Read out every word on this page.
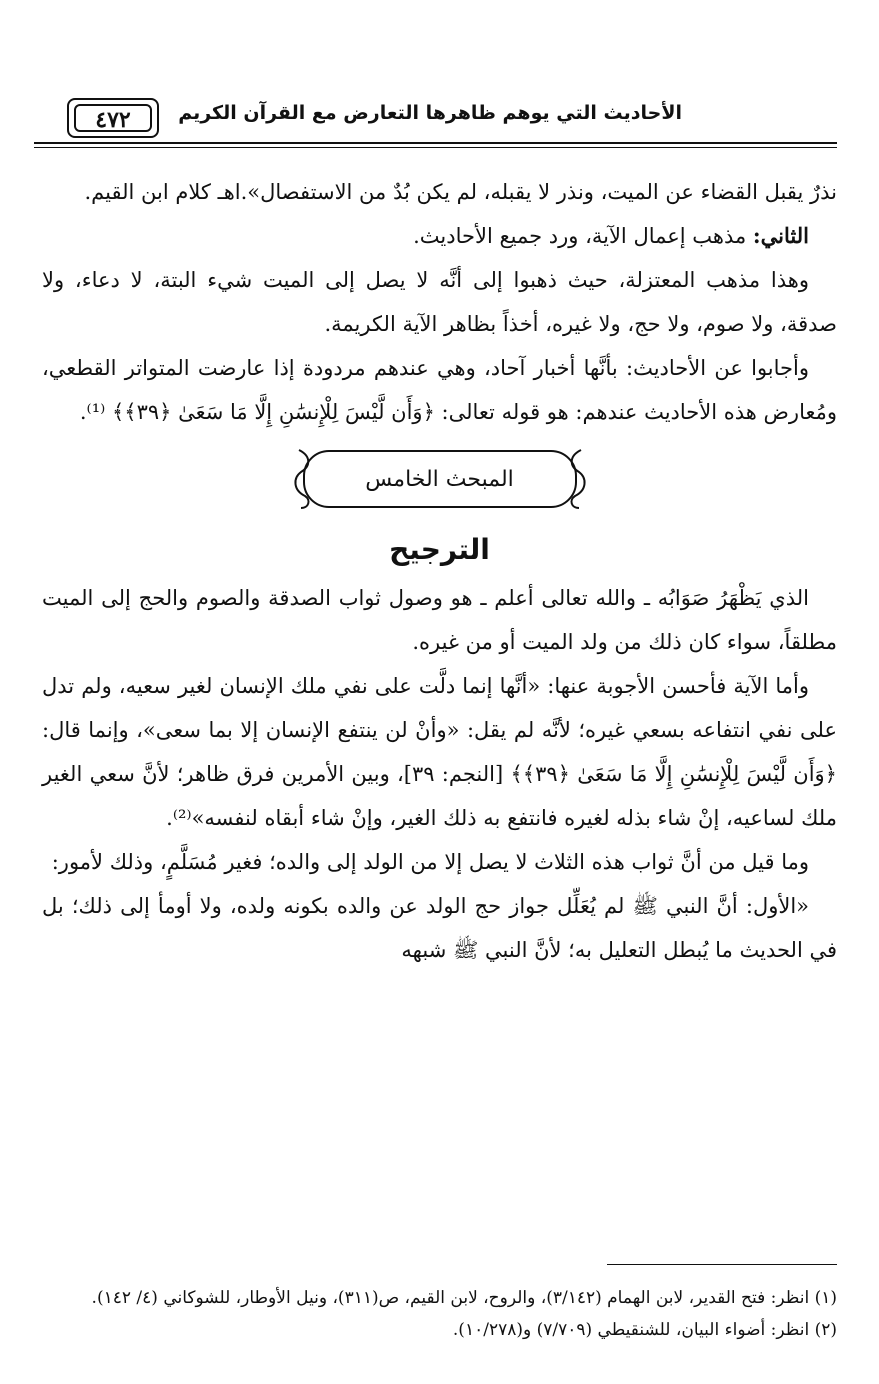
الأحاديث التي يوهم ظاهرها التعارض مع القرآن الكريم
٤٧٢

نذرٌ يقبل القضاء عن الميت، ونذر لا يقبله، لم يكن بُدٌ من الاستفصال».اهـ كلام ابن القيم.

الثاني: مذهب إعمال الآية، ورد جميع الأحاديث.

وهذا مذهب المعتزلة، حيث ذهبوا إلى أنَّه لا يصل إلى الميت شيء البتة، لا دعاء، ولا صدقة، ولا صوم، ولا حج، ولا غيره، أخذاً بظاهر الآية الكريمة.

وأجابوا عن الأحاديث: بأنَّها أخبار آحاد، وهي عندهم مردودة إذا عارضت المتواتر القطعي، ومُعارض هذه الأحاديث عندهم: هو قوله تعالى: ﴿وَأَن لَّيْسَ لِلْإِنسَٰنِ إِلَّا مَا سَعَىٰ ﴿٣٩﴾﴾ ⁽¹⁾.

المبحث الخامس
الترجيح

الذي يَظْهَرُ صَوَابُه ـ والله تعالى أعلم ـ هو وصول ثواب الصدقة والصوم والحج إلى الميت مطلقاً، سواء كان ذلك من ولد الميت أو من غيره.

وأما الآية فأحسن الأجوبة عنها: «أنَّها إنما دلَّت على نفي ملك الإنسان لغير سعيه، ولم تدل على نفي انتفاعه بسعي غيره؛ لأنَّه لم يقل: «وأنْ لن ينتفع الإنسان إلا بما سعى»، وإنما قال: ﴿وَأَن لَّيْسَ لِلْإِنسَٰنِ إِلَّا مَا سَعَىٰ ﴿٣٩﴾﴾ [النجم: ٣٩]، وبين الأمرين فرق ظاهر؛ لأنَّ سعي الغير ملك لساعيه، إنْ شاء بذله لغيره فانتفع به ذلك الغير، وإنْ شاء أبقاه لنفسه»⁽²⁾.

وما قيل من أنَّ ثواب هذه الثلاث لا يصل إلا من الولد إلى والده؛ فغير مُسَلَّمٍ، وذلك لأمور:

«الأول: أنَّ النبي ﷺ لم يُعَلِّل جواز حج الولد عن والده بكونه ولده، ولا أومأ إلى ذلك؛ بل في الحديث ما يُبطل التعليل به؛ لأنَّ النبي ﷺ شبهه

(١) انظر: فتح القدير، لابن الهمام (٣/١٤٢)، والروح، لابن القيم، ص(٣١١)، ونيل الأوطار، للشوكاني (٤/ ١٤٢).

(٢) انظر: أضواء البيان، للشنقيطي (٧/٧٠٩) و(١٠/٢٧٨).
